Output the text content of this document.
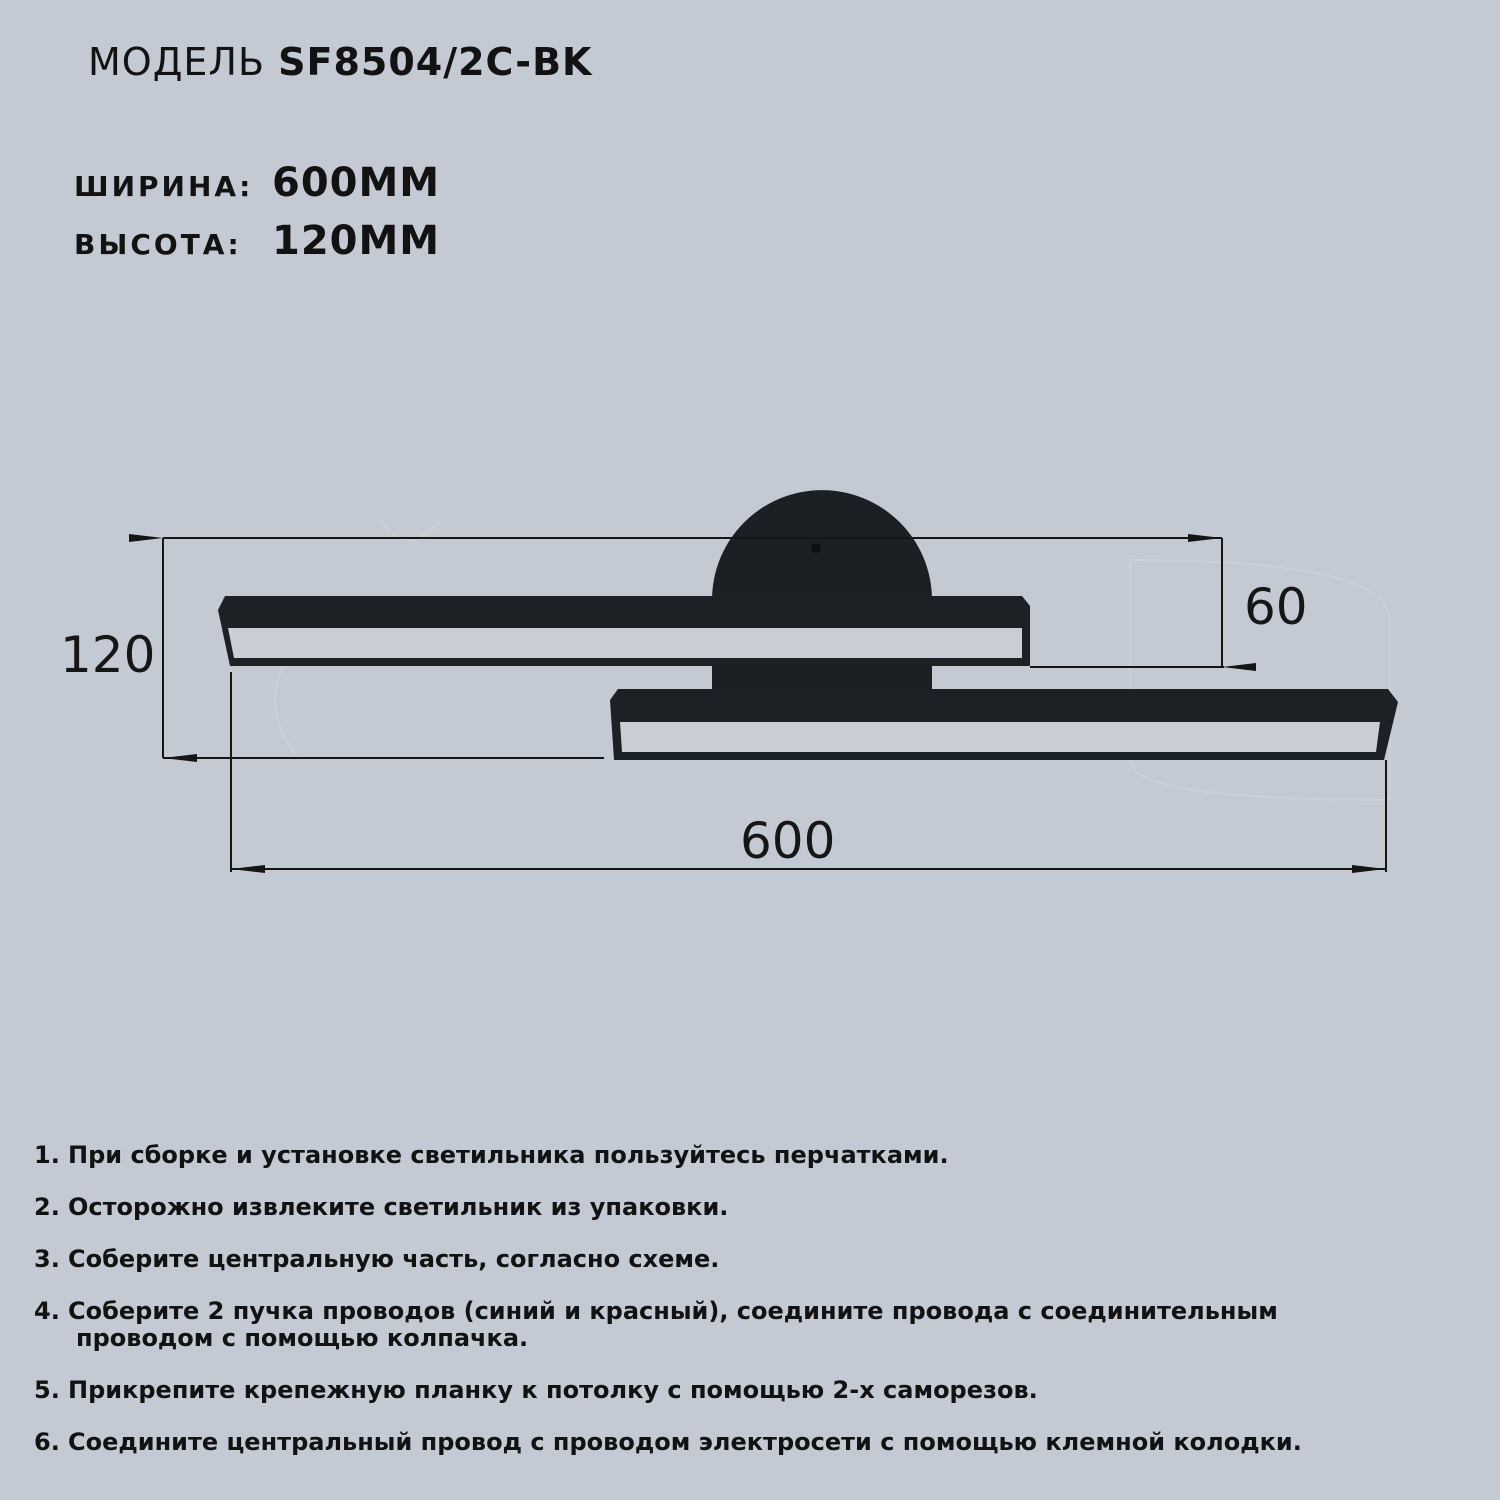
МОДЕЛЬ SF8504/2C-BK
ШИРИНА: 600ММ
ВЫСОТА: 120ММ
120
60
600
1. При сборке и установке светильника пользуйтесь перчатками.
2. Осторожно извлеките светильник из упаковки.
3. Соберите центральную часть, согласно схеме.
4. Соберите 2 пучка проводов (синий и красный), соедините провода с соединительным
проводом с помощью колпачка.
5. Прикрепите крепежную планку к потолку с помощью 2-х саморезов.
6. Соедините центральный провод с проводом электросети с помощью клемной колодки.
